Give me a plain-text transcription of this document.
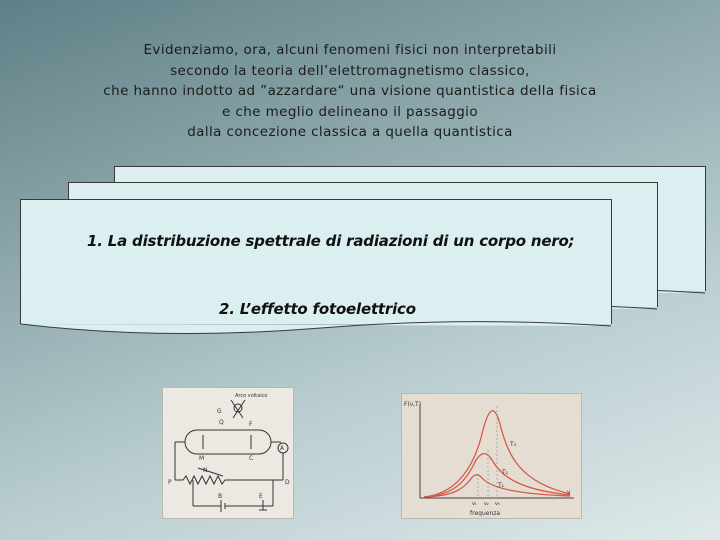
Evidenziamo, ora, alcuni fenomeni fisici non interpretabili
secondo la teoria dell’elettromagnetismo classico,
che hanno indotto ad ”azzardare“ una visione quantistica della fisica
e che meglio delineano il passaggio
dalla concezione classica a quella quantistica
1. La distribuzione spettrale di radiazioni di un corpo nero;
2. L’effetto fotoelettrico
Arco voltaico
G
Q	F
M	C
N
A
P	D
B	E
F(ν,T)
T₃
T₂
T₁
ν₁ ν₂ ν₃
ν
frequenza
